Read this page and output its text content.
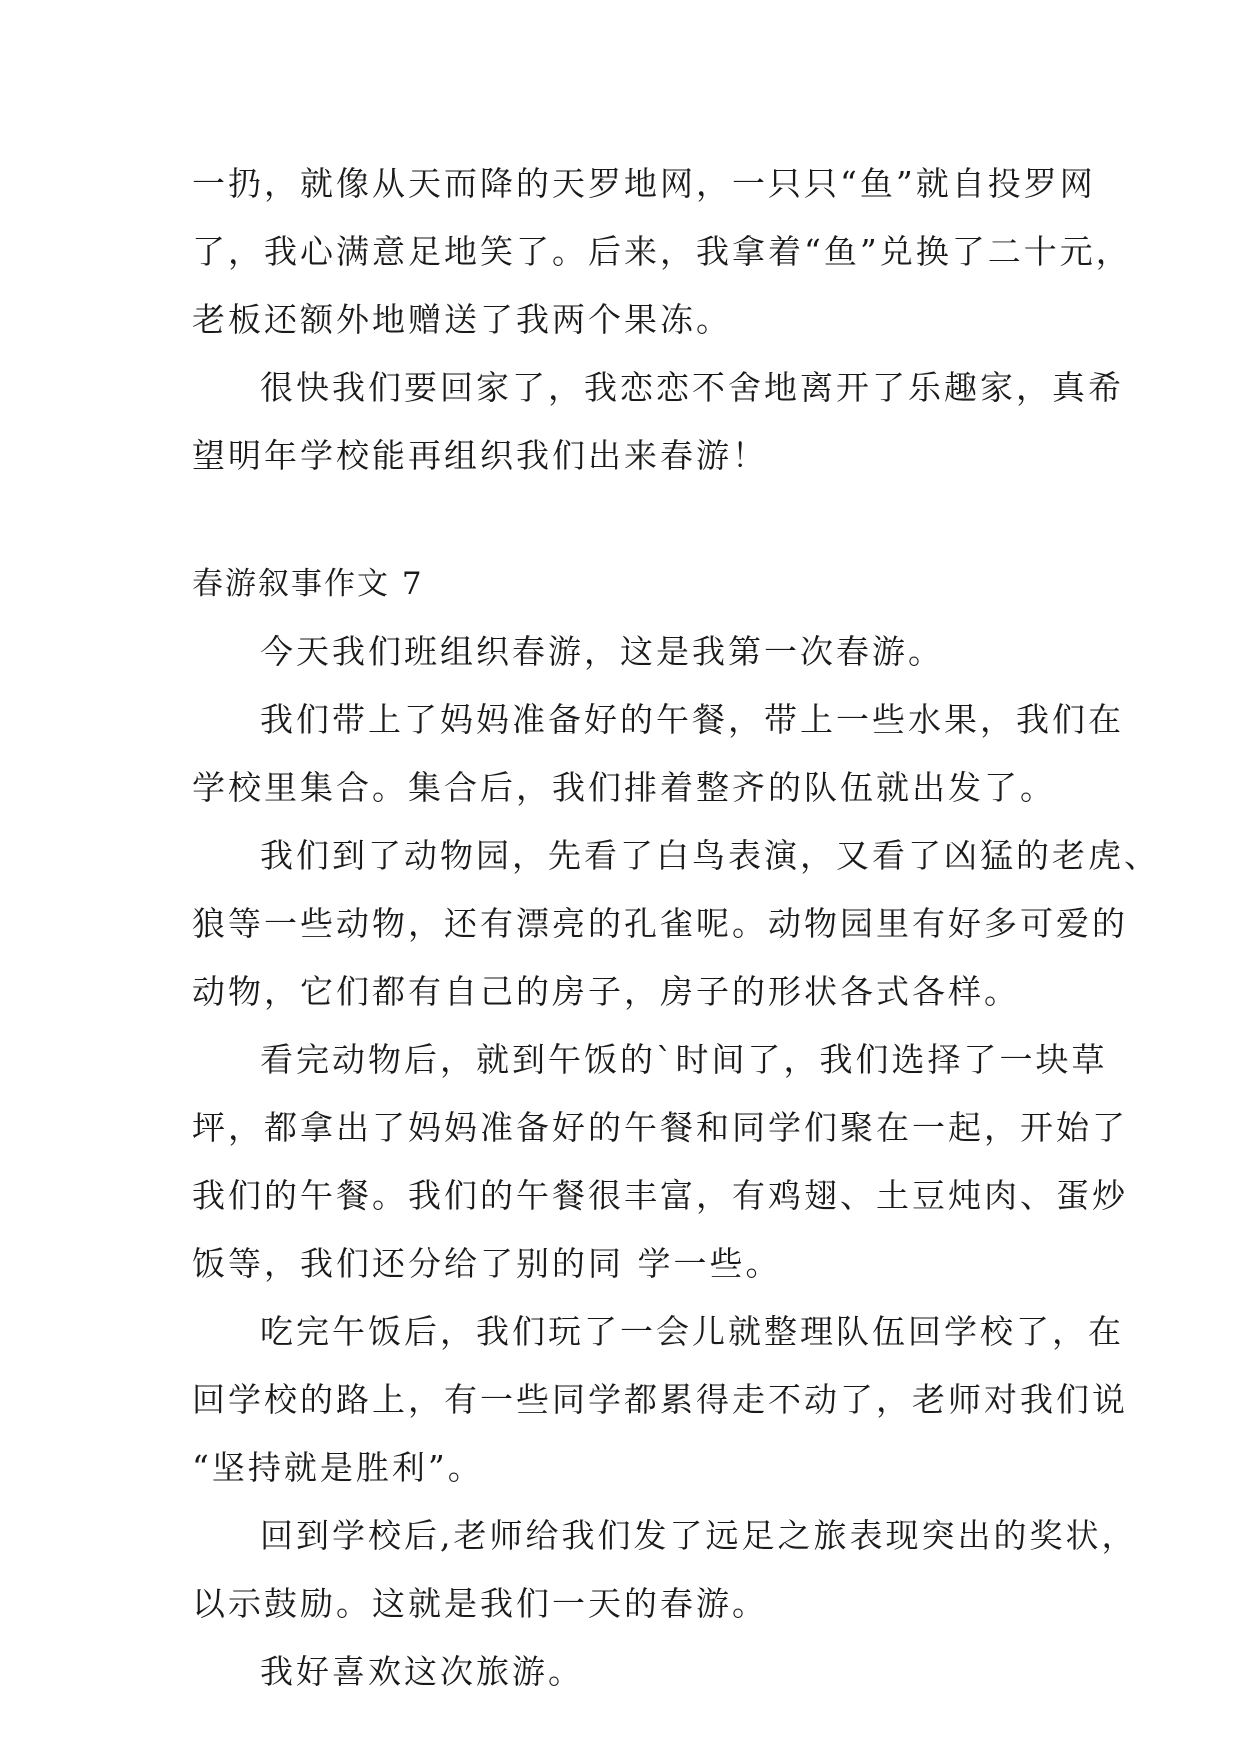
一扔，就像从天而降的天罗地网，一只只“鱼”就自投罗网
了，我心满意足地笑了。后来，我拿着“鱼”兑换了二十元，
老板还额外地赠送了我两个果冻。
很快我们要回家了，我恋恋不舍地离开了乐趣家，真希
望明年学校能再组织我们出来春游！
春游叙事作文 7
今天我们班组织春游，这是我第一次春游。
我们带上了妈妈准备好的午餐，带上一些水果，我们在
学校里集合。集合后，我们排着整齐的队伍就出发了。
我们到了动物园，先看了白鸟表演，又看了凶猛的老虎、
狼等一些动物，还有漂亮的孔雀呢。动物园里有好多可爱的
动物，它们都有自己的房子，房子的形状各式各样。
看完动物后，就到午饭的`时间了，我们选择了一块草
坪，都拿出了妈妈准备好的午餐和同学们聚在一起，开始了
我们的午餐。我们的午餐很丰富，有鸡翅、土豆炖肉、蛋炒
饭等，我们还分给了别的同 学一些。
吃完午饭后，我们玩了一会儿就整理队伍回学校了，在
回学校的路上，有一些同学都累得走不动了，老师对我们说
“坚持就是胜利”。
回到学校后,老师给我们发了远足之旅表现突出的奖状，
以示鼓励。这就是我们一天的春游。
我好喜欢这次旅游。
